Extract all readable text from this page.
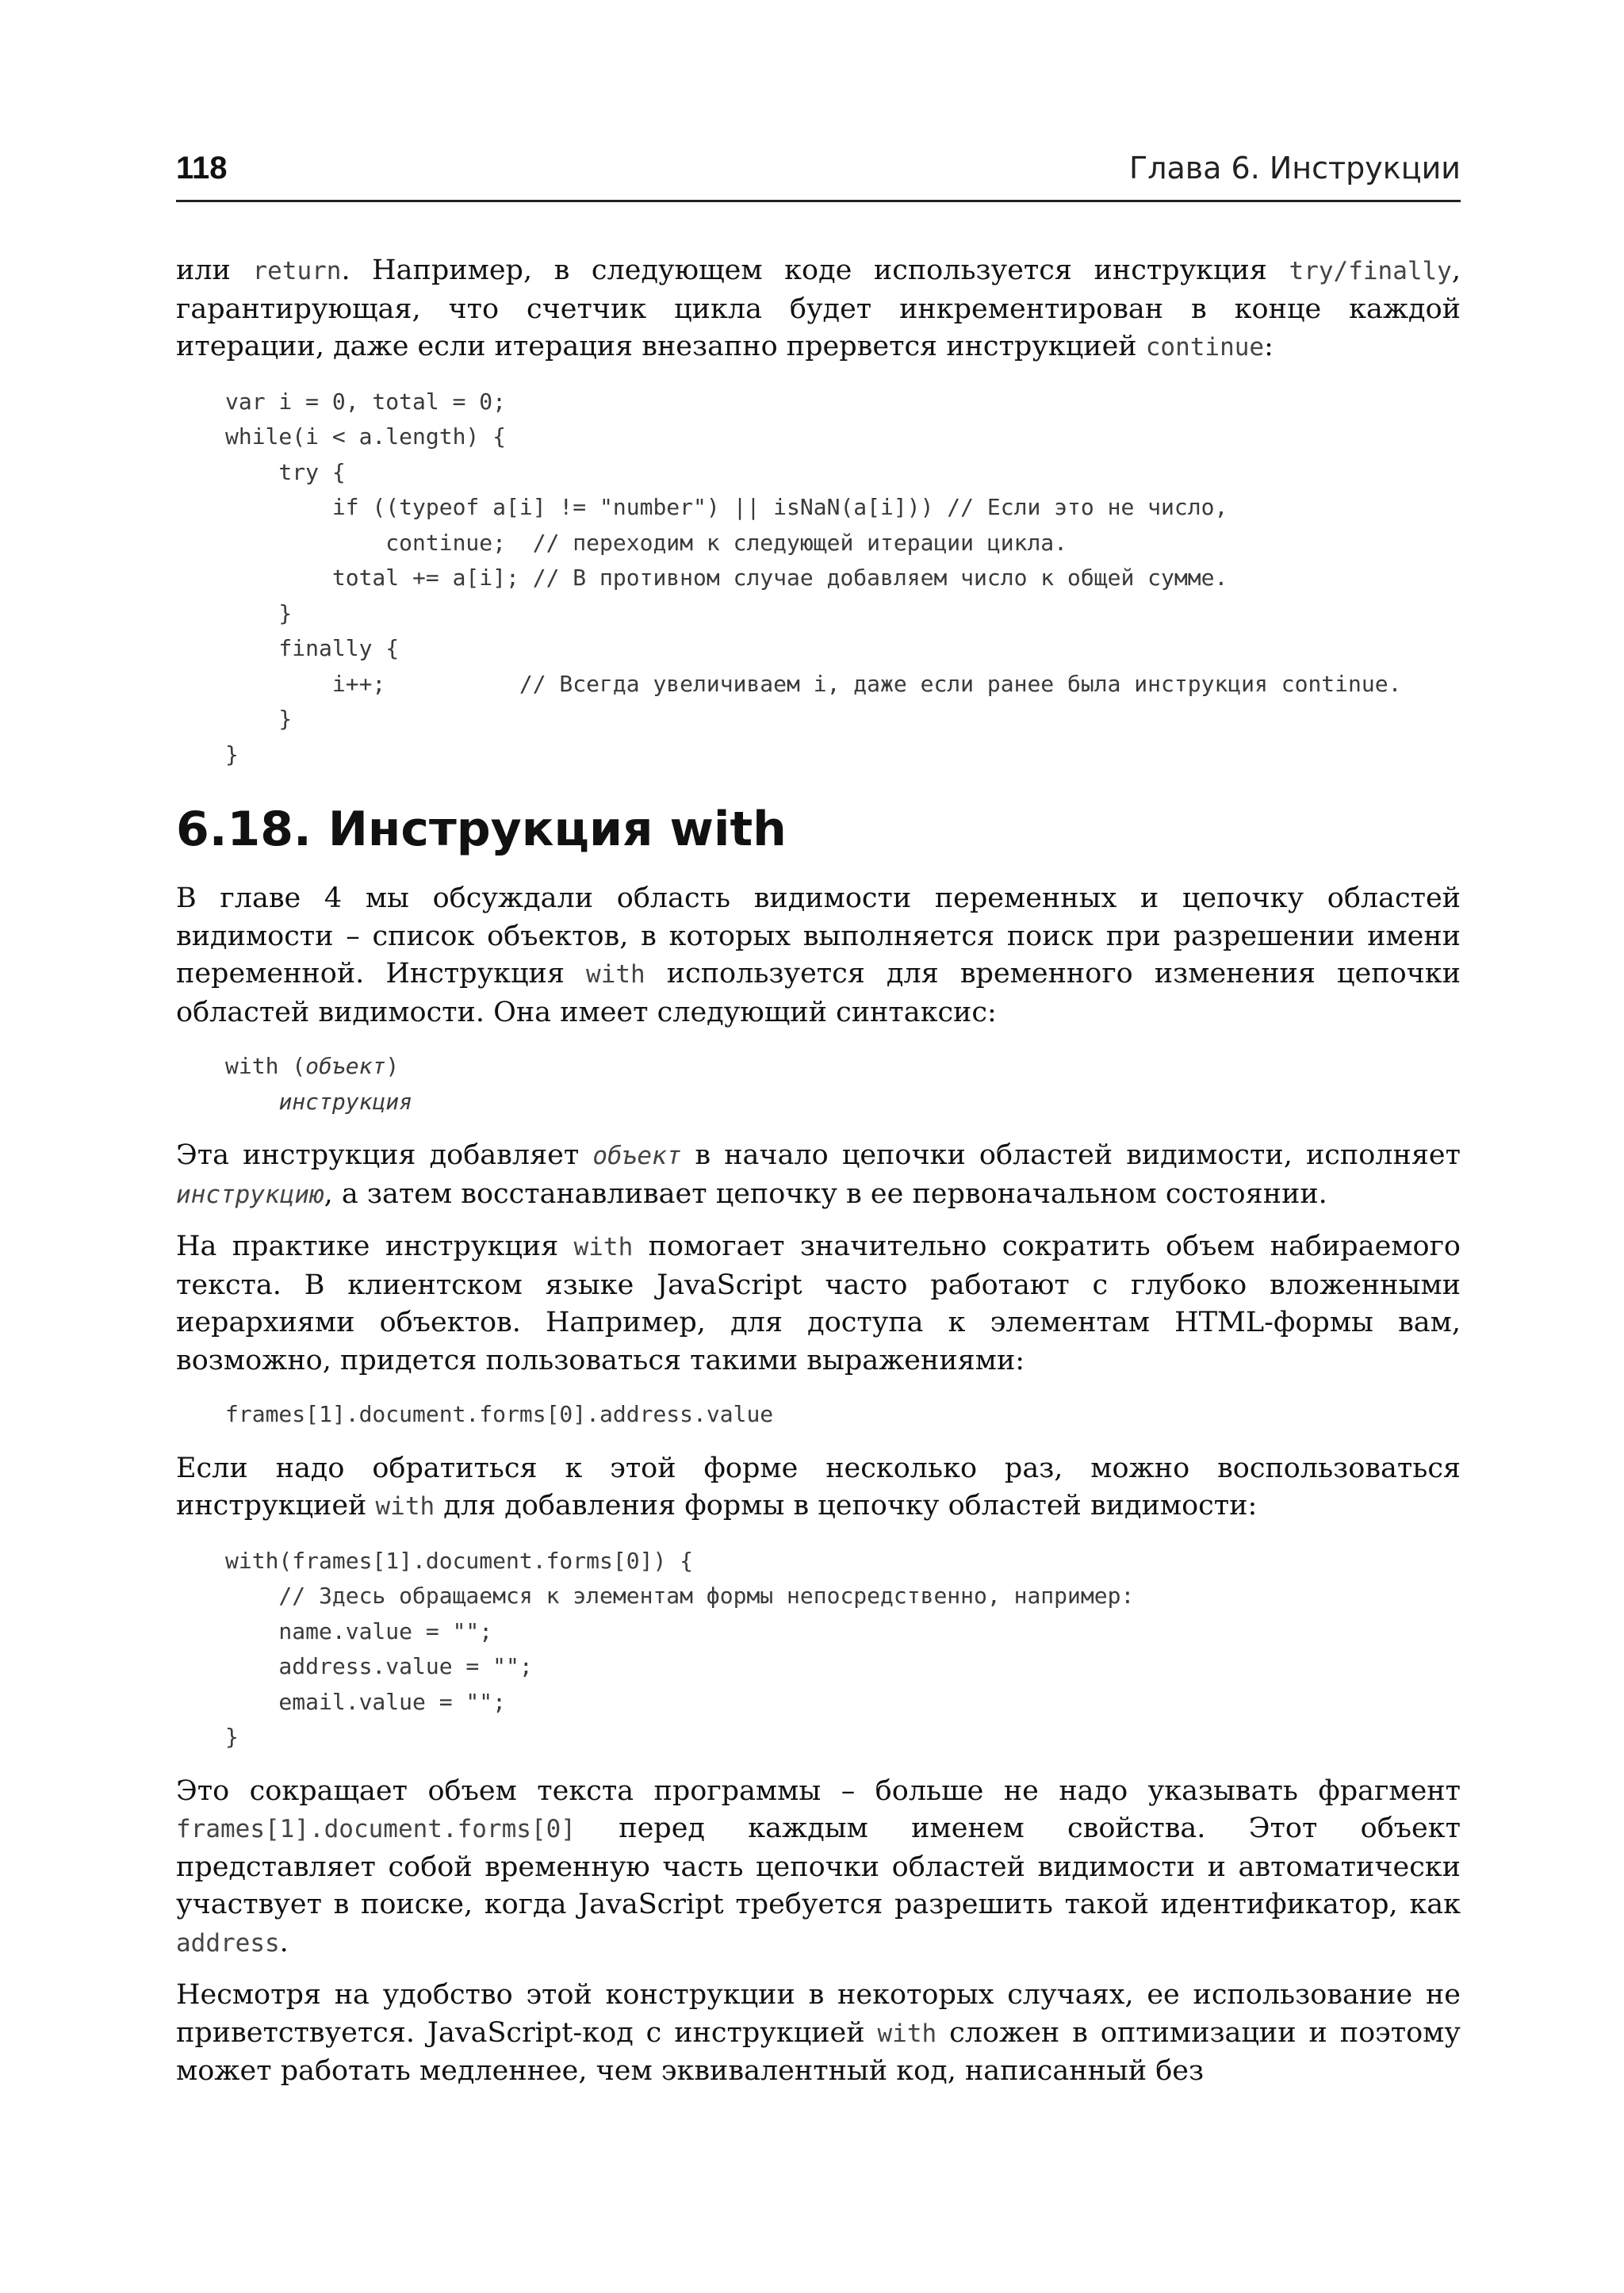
118	Глава 6. Инструкции

или return. Например, в следующем коде используется инструкция try/finally, гарантирующая, что счетчик цикла будет инкрементирован в конце каждой итерации, даже если итерация внезапно прервется инструкцией continue:

var i = 0, total = 0;
while(i < a.length) {
try {
if ((typeof a[i] != "number") || isNaN(a[i])) // Если это не число,
continue;  // переходим к следующей итерации цикла.
total += a[i]; // В противном случае добавляем число к общей сумме.
}
finally {
i++;          // Всегда увеличиваем i, даже если ранее была инструкция continue.
}
}
6.18. Инструкция with

В главе 4 мы обсуждали область видимости переменных и цепочку областей видимости – список объектов, в которых выполняется поиск при разрешении имени переменной. Инструкция with используется для временного изменения цепочки областей видимости. Она имеет следующий синтаксис:

with (объект)
инструкция

Эта инструкция добавляет объект в начало цепочки областей видимости, исполняет инструкцию, а затем восстанавливает цепочку в ее первоначальном состоянии.

На практике инструкция with помогает значительно сократить объем набираемого текста. В клиентском языке JavaScript часто работают с глубоко вложенными иерархиями объектов. Например, для доступа к элементам HTML-формы вам, возможно, придется пользоваться такими выражениями:

frames[1].document.forms[0].address.value

Если надо обратиться к этой форме несколько раз, можно воспользоваться инструкцией with для добавления формы в цепочку областей видимости:

with(frames[1].document.forms[0]) {
// Здесь обращаемся к элементам формы непосредственно, например:
name.value = "";
address.value = "";
email.value = "";
}

Это сокращает объем текста программы – больше не надо указывать фрагмент frames[1].document.forms[0] перед каждым именем свойства. Этот объект представляет собой временную часть цепочки областей видимости и автоматически участвует в поиске, когда JavaScript требуется разрешить такой идентификатор, как address.

Несмотря на удобство этой конструкции в некоторых случаях, ее использование не приветствуется. JavaScript-код с инструкцией with сложен в оптимизации и поэтому может работать медленнее, чем эквивалентный код, написанный без
